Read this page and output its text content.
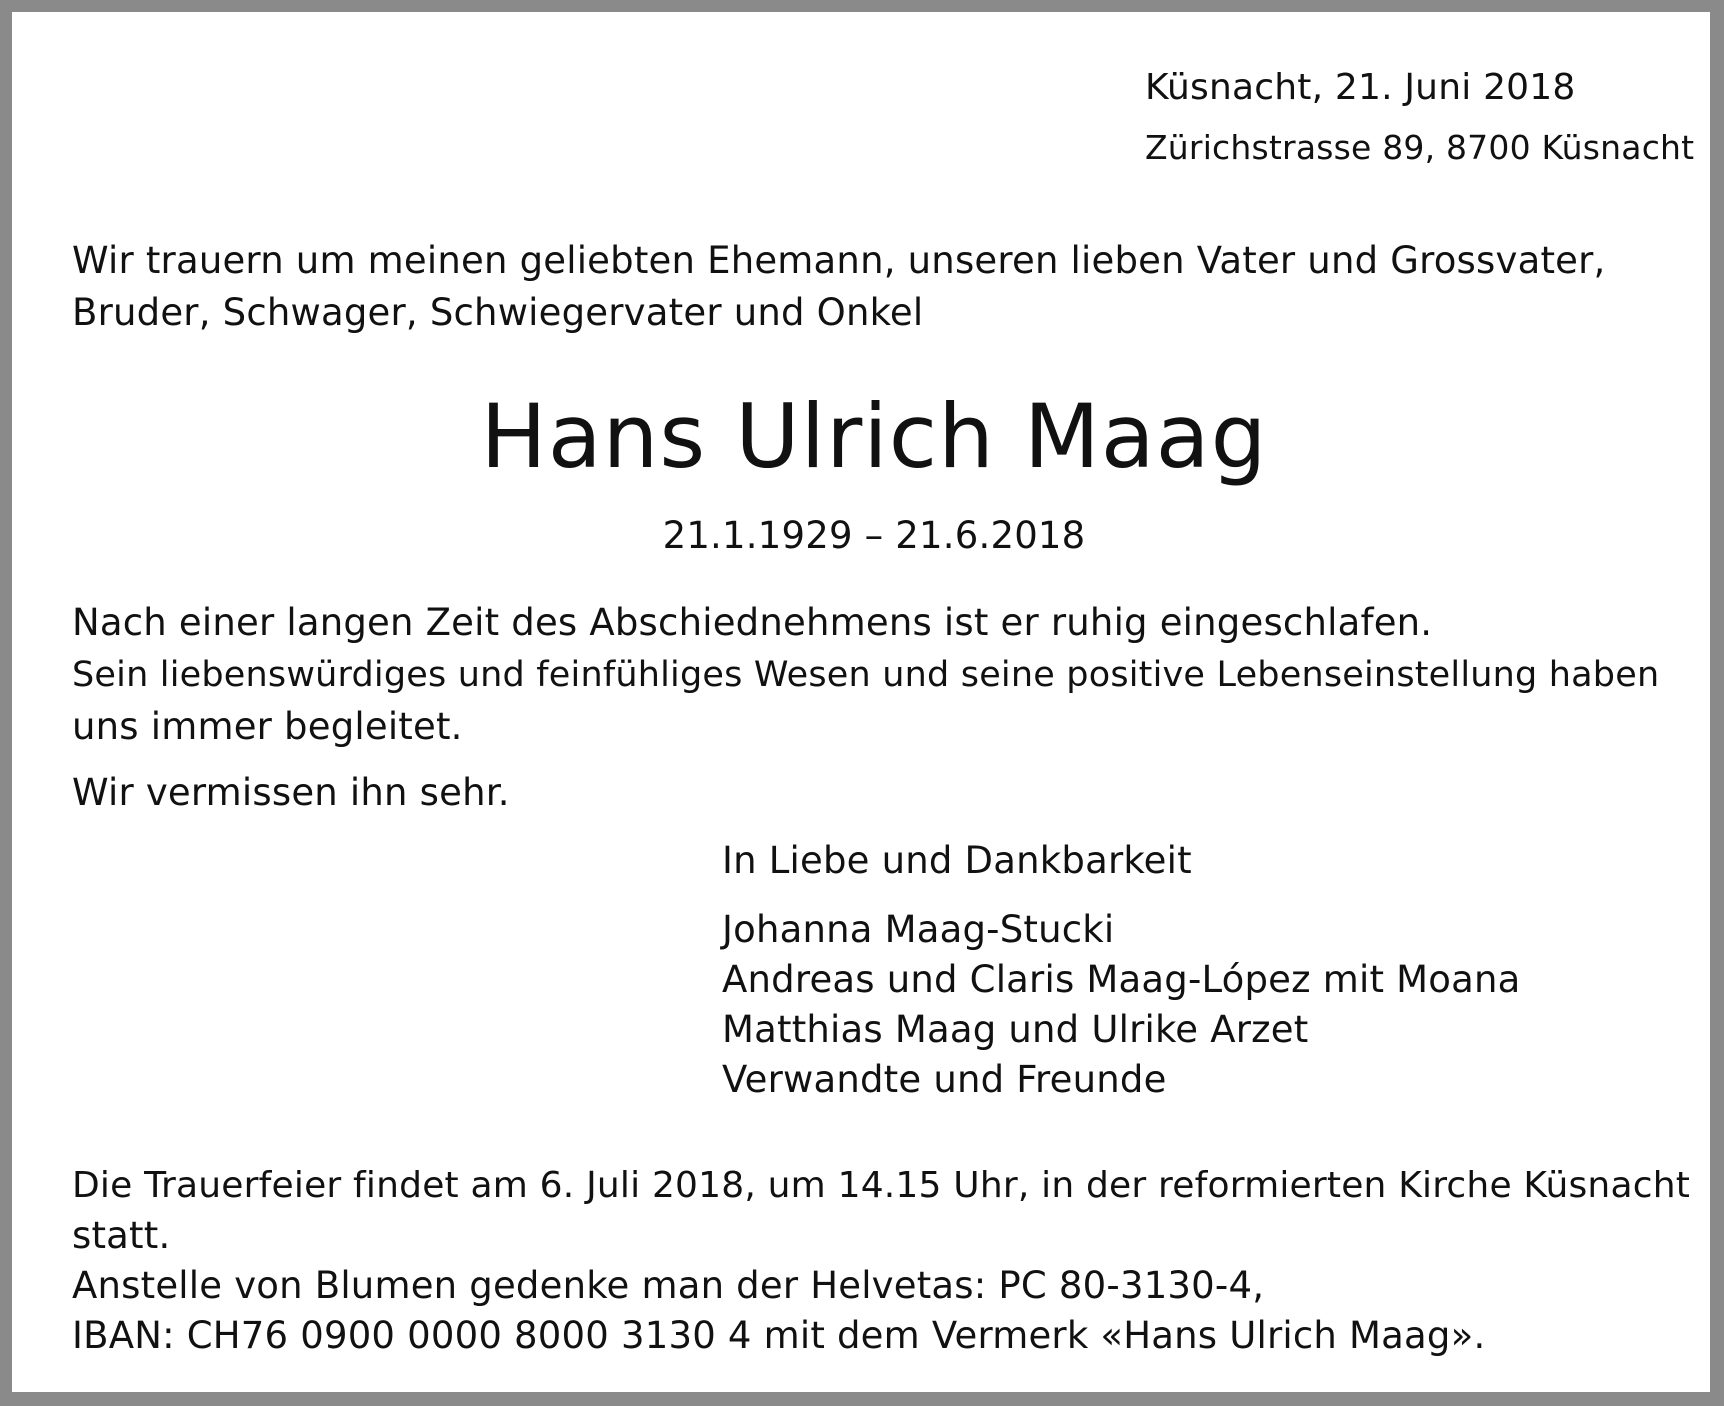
Küsnacht, 21. Juni 2018

Zürichstrasse 89, 8700 Küsnacht

Wir trauern um meinen geliebten Ehemann, unseren lieben Vater und Grossvater,

Bruder, Schwager, Schwiegervater und Onkel

Hans Ulrich Maag

21.1.1929 – 21.6.2018

Nach einer langen Zeit des Abschiednehmens ist er ruhig eingeschlafen.

Sein liebenswürdiges und feinfühliges Wesen und seine positive Lebenseinstellung haben

uns immer begleitet.

Wir vermissen ihn sehr.

In Liebe und Dankbarkeit

Johanna Maag-Stucki

Andreas und Claris Maag-López mit Moana

Matthias Maag und Ulrike Arzet

Verwandte und Freunde

Die Trauerfeier findet am 6. Juli 2018, um 14.15 Uhr, in der reformierten Kirche Küsnacht

statt.

Anstelle von Blumen gedenke man der Helvetas: PC 80-3130-4,

IBAN: CH76 0900 0000 8000 3130 4 mit dem Vermerk «Hans Ulrich Maag».
